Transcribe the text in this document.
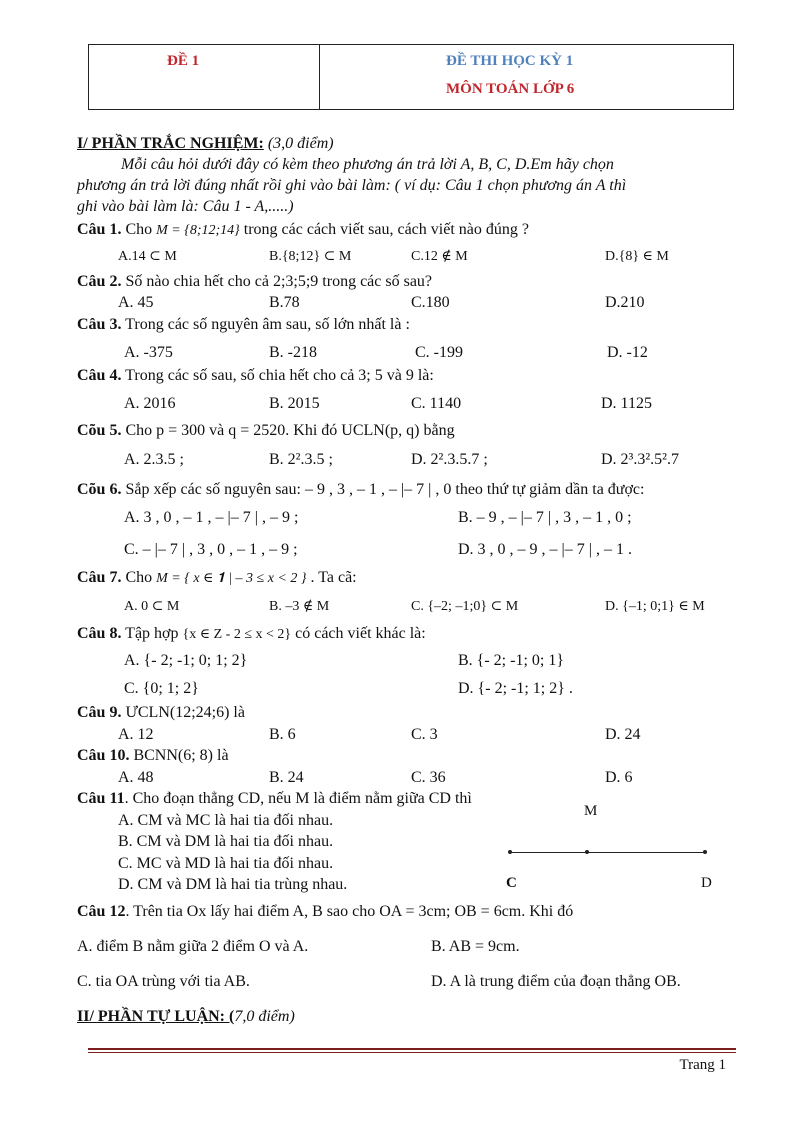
ĐỀ 1	ĐỀ THI HỌC KỲ 1
MÔN TOÁN LỚP 6
I/ PHẦN TRẮC NGHIỆM: (3,0 điểm)
Mỗi câu hỏi dưới đây có kèm theo phương án trả lời A, B, C, D.Em hãy chọn
phương án trả lời đúng nhất rồi ghi vào bài làm: ( ví dụ: Câu 1 chọn phương án A thì
ghi vào bài làm là: Câu 1 - A,.....)
Câu 1. Cho M = {8;12;14} trong các cách viết sau, cách viết nào đúng ?
A.14 ⊂ M	B.{8;12} ⊂ M	C.12 ∉ M	D.{8} ∈ M
Câu 2. Số nào chia hết cho cả 2;3;5;9 trong các số sau?
A. 45	B.78	C.180	D.210
Câu 3. Trong các số nguyên âm sau, số lớn nhất là :
A. -375	B. -218	C. -199	D. -12
Câu 4. Trong các số sau, số chia hết cho cả 3; 5 và 9 là:
A. 2016	B. 2015	C. 1140	D. 1125
Cõu 5. Cho p = 300 và q = 2520. Khi đó UCLN(p, q) bằng
A. 2.3.5 ;	B. 2².3.5 ;	D. 2².3.5.7 ;	D. 2³.3².5².7
Cõu 6. Sắp xếp các số nguyên sau: – 9 , 3 , – 1 , – |– 7 | , 0 theo thứ tự giảm dần ta được:
A. 3 , 0 , – 1 , – |– 7 | , – 9 ;	B. – 9 , – |– 7 | , 3 , – 1 , 0 ;
C. – |– 7 | , 3 , 0 , – 1 , – 9 ;	D. 3 , 0 , – 9 , – |– 7 | , – 1 .
Câu 7. Cho M = { x ∈ 𝟏 | – 3 ≤ x < 2 } . Ta cã:
A. 0 ⊂ M	B. –3 ∉ M	C. {–2; –1;0} ⊂ M	D. {–1; 0;1} ∈ M
Câu 8. Tập hợp {x ∈ Z - 2 ≤ x < 2} có cách viết khác là:
A. {- 2; -1; 0; 1; 2}	B. {- 2; -1; 0; 1}
C. {0; 1; 2}	D. {- 2; -1; 1; 2} .
Câu 9. ƯCLN(12;24;6) là
A. 12	B. 6	C. 3	D. 24
Câu 10. BCNN(6; 8) là
A. 48	B. 24	C. 36	D. 6
Câu 11. Cho đoạn thẳng CD, nếu M là điểm nằm giữa CD thì
A. CM và MC là hai tia đối nhau.
B. CM và DM là hai tia đối nhau.
C. MC và MD là hai tia đối nhau.
D. CM và DM là hai tia trùng nhau.
M
C	D
Câu 12. Trên tia Ox lấy hai điểm A, B sao cho OA = 3cm; OB = 6cm. Khi đó
A. điểm B nằm giữa 2 điểm O và A.	B. AB = 9cm.
C. tia OA trùng với tia AB.	D. A là trung điểm của đoạn thẳng OB.
II/ PHẦN TỰ LUẬN: (7,0 điểm)
Trang 1
